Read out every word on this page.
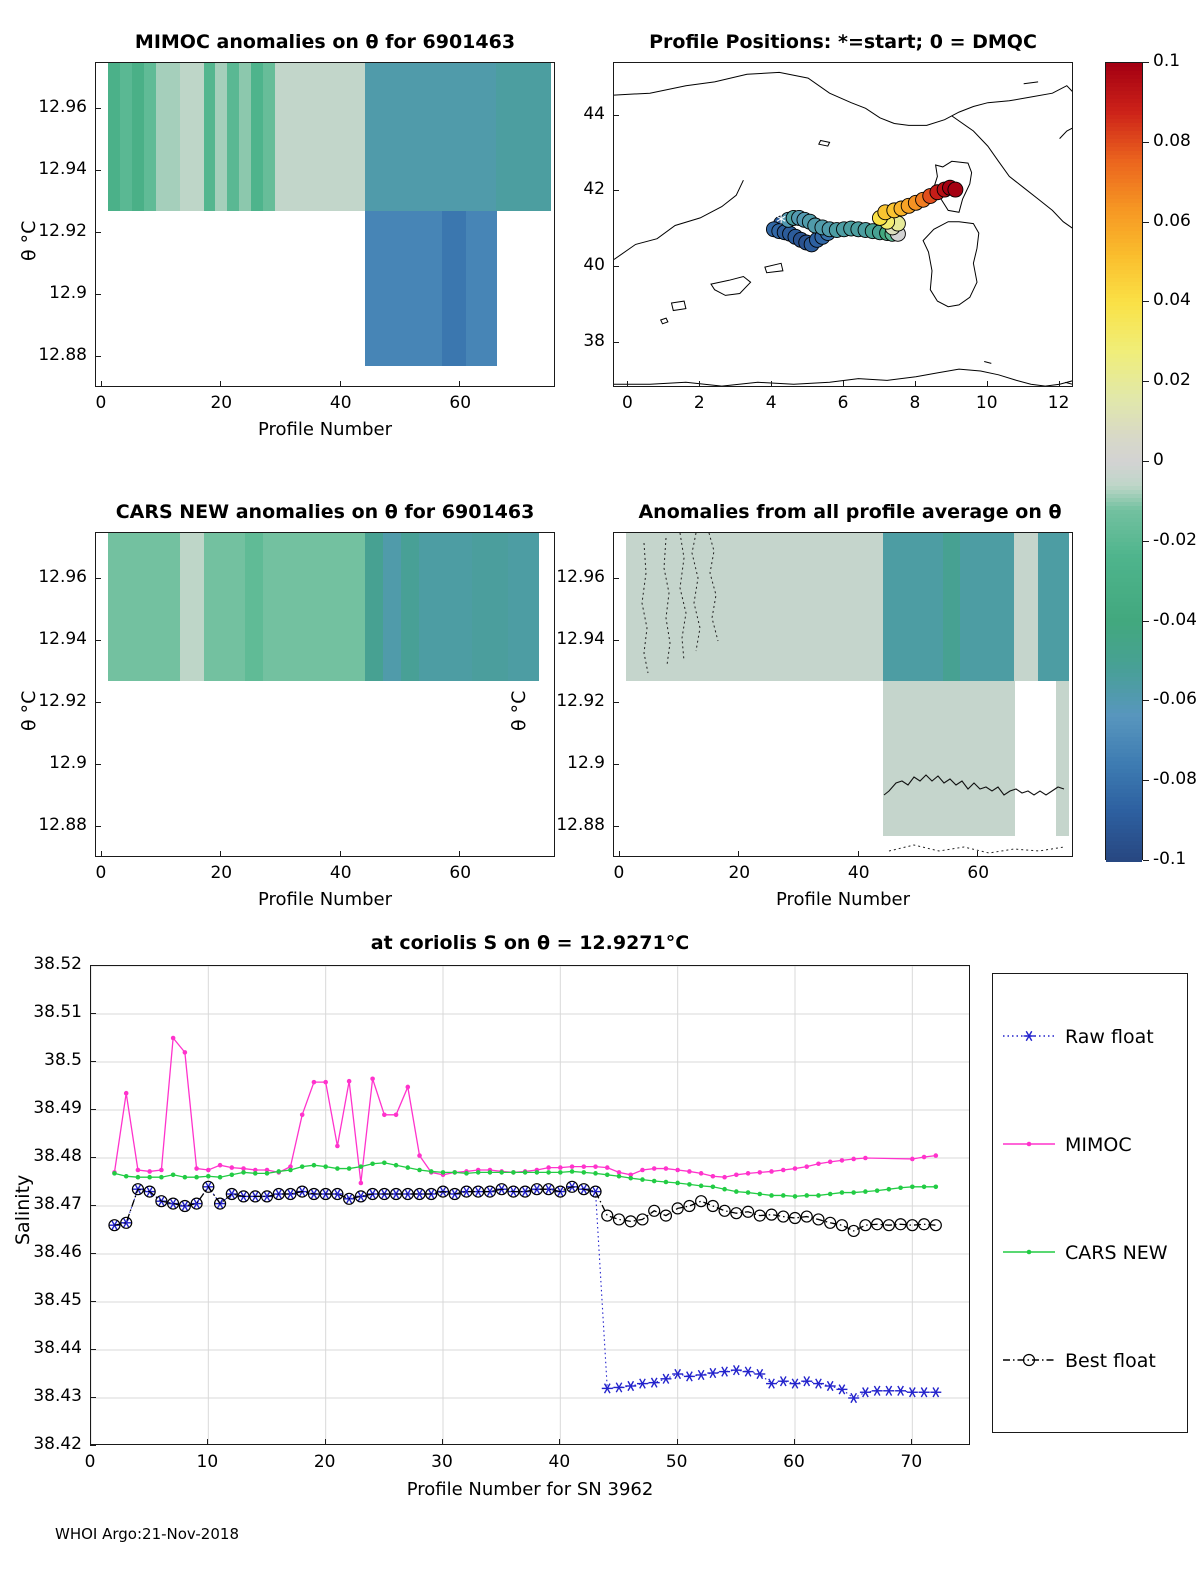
MIMOC anomalies on θ for 6901463
0	20	40	60
12.96
12.94
12.92
12.9
12.88
Profile Number
θ °C
CARS NEW anomalies on θ for 6901463
0	20	40	60
12.96
12.94
12.92
12.9
12.88
Profile Number
θ °C
Anomalies from all profile average on θ
0	20	40	60
12.96
12.94
12.92
12.9
12.88
Profile Number
θ °C
*
Profile Positions: *=start; 0 = DMQC
0	2	4	6	8	10	12
44
42
40
38
0.1
0.08
0.06
0.04
0.02
0
-0.02
-0.04
-0.06
-0.08
-0.1
at coriolis S on θ = 12.9271°C
0	10	20	30	40	50	60	70
38.52
38.51
38.5
38.49
38.48
38.47
38.46
38.45
38.44
38.43
38.42
Profile Number for SN 3962
Salinity
Raw float
MIMOC
CARS NEW
Best float
WHOI Argo:21-Nov-2018
